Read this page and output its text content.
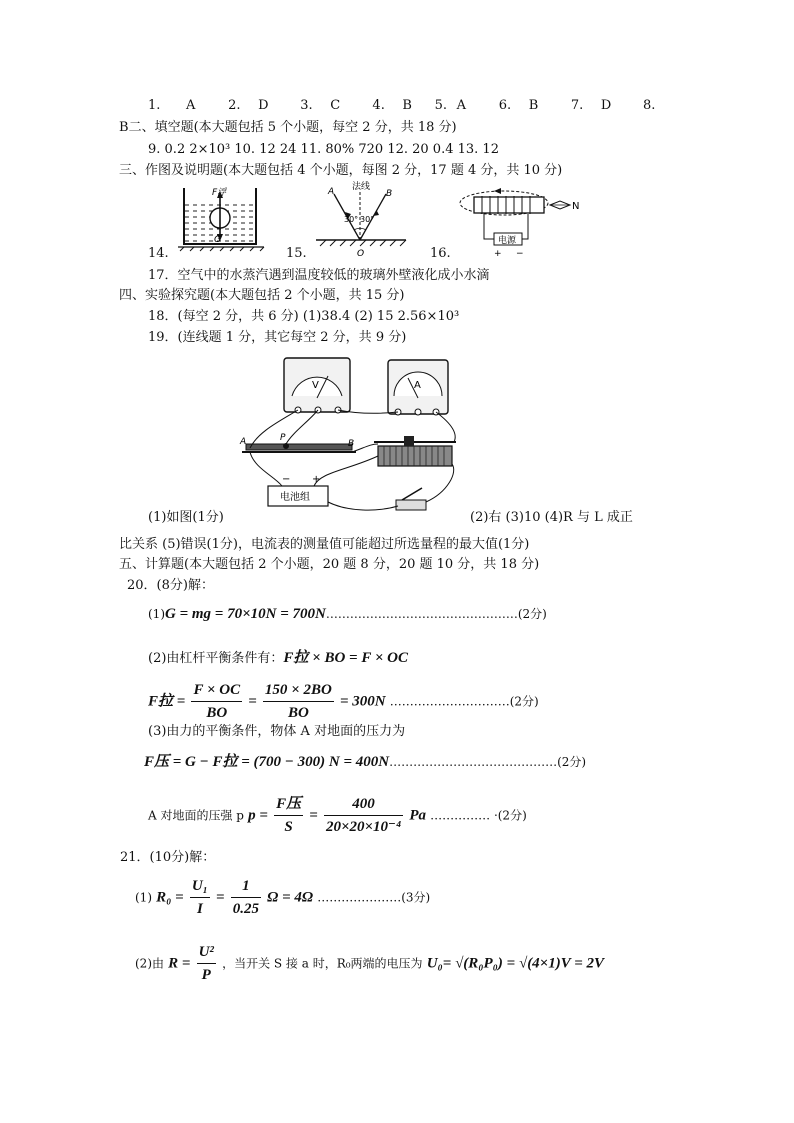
1. A	2. D 3. C 4. B 5. A	6. B	7. D 8.
B二、填空题(本大题包括 5 个小题，每空 2 分，共 18 分)
9. 0.2 2×10³ 10. 12 24 11. 80% 720 12. 20 0.4 13. 12
三、作图及说明题(本大题包括 4 个小题，每图 2 分，17 题 4 分，共 10 分)
14.
F浮
G
15.
法线
A	B
30° 30°
O	16.
电源
+ −
N
17．空气中的水蒸汽遇到温度较低的玻璃外壁液化成小水滴
四、实验探究题(本大题包括 2 个小题，共 15 分)
18．(每空 2 分，共 6 分) (1)38.4 (2) 15 2.56×10³
19．(连线题 1 分，其它每空 2 分，共 9 分)
V	A
A	B
P
电池组
− +
(1)如图(1分)	(2)右 (3)10 (4)R 与 L 成正
比关系 (5)错误(1分)，电流表的测量值可能超过所选量程的最大值(1分)
五、计算题(本大题包括 2 个小题，20 题 8 分，20 题 10 分，共 18 分)
20．(8分)解：
(1)G = mg = 70×10N = 700N…………………………………………(2分)
(2)由杠杆平衡条件有：F拉 × BO = F × OC
F拉 = $\frac{F \times OC}{BO} = \frac{150 \times 2BO}{BO} = 300N$ …………………………(2分)
(3)由力的平衡条件，物体 A 对地面的压力为
F压 = G − F拉 = (700 − 300) N = 400N……………………………………(2分)
A 对地面的压强 p $p = \frac{\text{F压}}{S} = \frac{400}{\text{20×20×10⁻⁴}}$ Pa …………… ·(2分)
21．(10分)解：
(1) $R_0 = \frac{\text{U₁}}{I} = \frac{1}{0.25}$ Ω = 4Ω …………………(3分)
(2)由 $R = \frac{\text{U²}}{P}$ ，当开关 S 接 a 时，R₀两端的电压为 U₀= √(R₀P₀) = √(4×1)V = 2V
